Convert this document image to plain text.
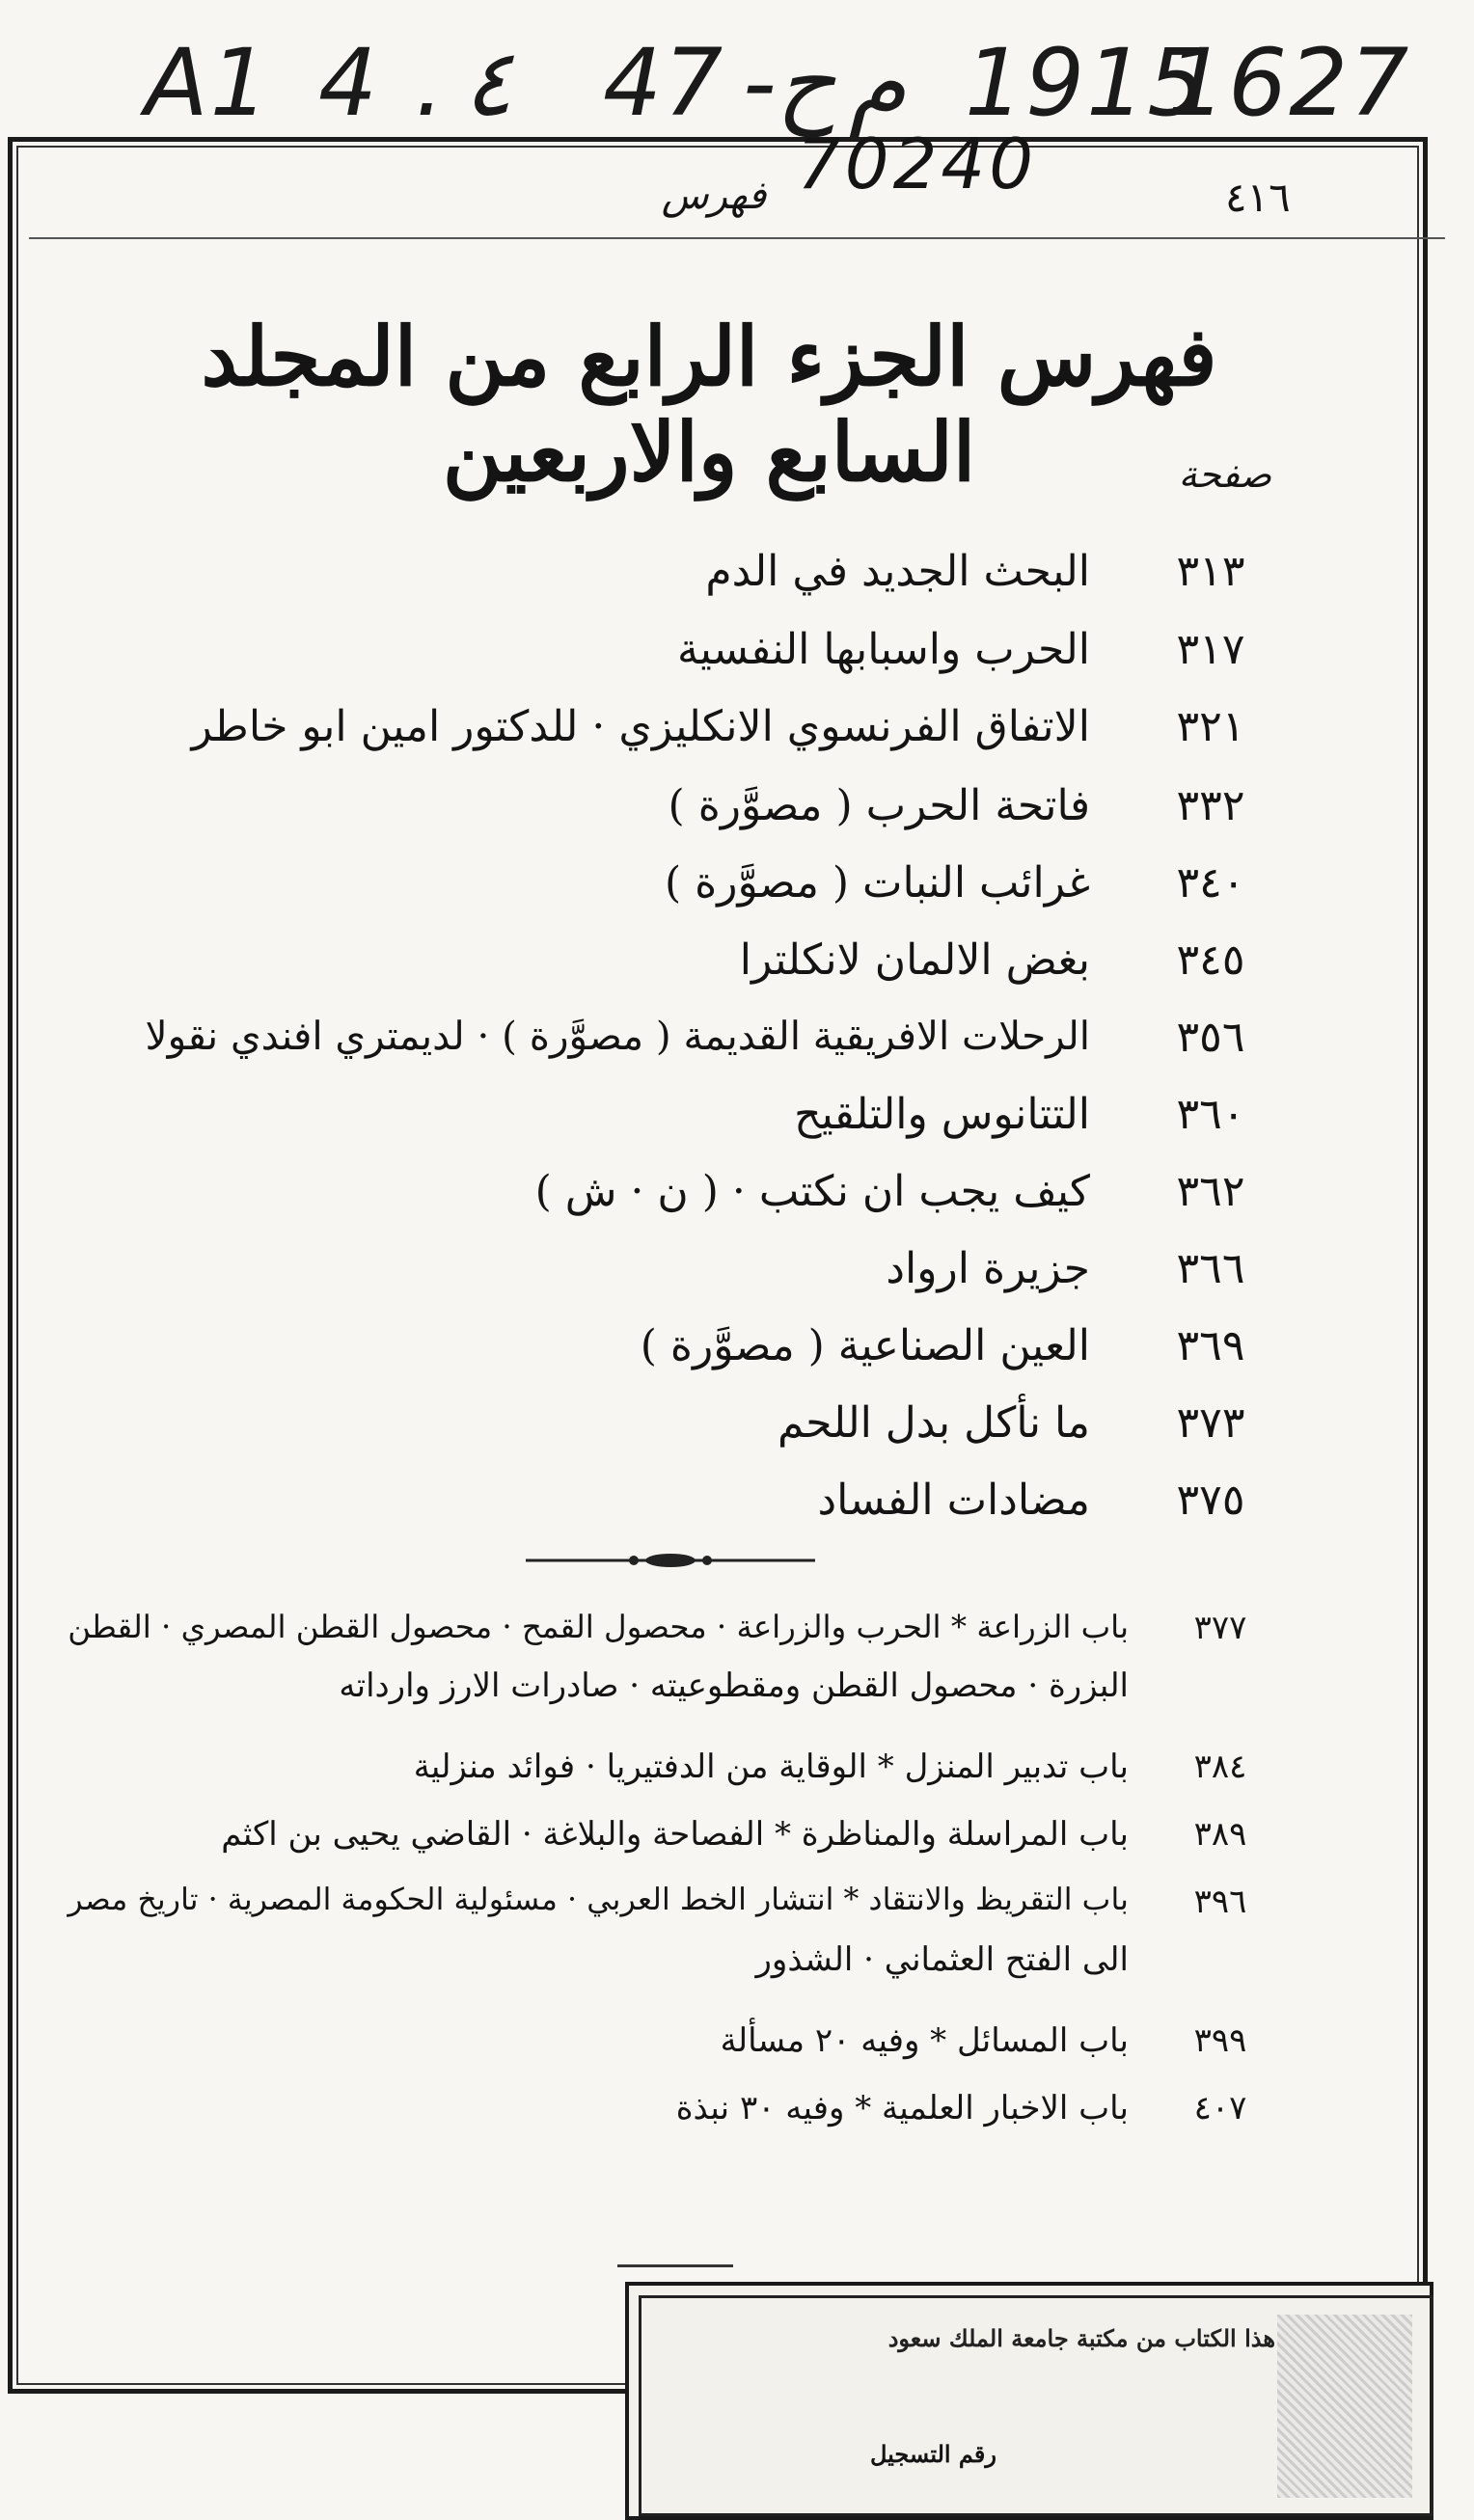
A1 4 . ٤ 47 -ح م 1915
1627
٤١٦
فهرس
فهرس الجزء الرابع من المجلد السابع والاربعين	صفحة
٣١٣
البحث الجديد في الدم
٣١٧
الحرب واسبابها النفسية
٣٢١
الاتفاق الفرنسوي الانكليزي · للدكتور امين ابو خاطر
٣٣٢
فاتحة الحرب ( مصوَّرة )
٣٤٠
غرائب النبات ( مصوَّرة )
٣٤٥
بغض الالمان لانكلترا
٣٥٦
الرحلات الافريقية القديمة ( مصوَّرة ) · لديمتري افندي نقولا
٣٦٠
التتانوس والتلقيح
٣٦٢
كيف يجب ان نكتب · ( ن · ش )
٣٦٦
جزيرة ارواد
٣٦٩
العين الصناعية ( مصوَّرة )
٣٧٣
ما نأكل بدل اللحم
٣٧٥
مضادات الفساد
٣٧٧
باب الزراعة * الحرب والزراعة · محصول القمح · محصول القطن المصري · القطن
البزرة · محصول القطن ومقطوعيته · صادرات الارز وارداته
٣٨٤
باب تدبير المنزل * الوقاية من الدفتيريا · فوائد منزلية
٣٨٩
باب المراسلة والمناظرة * الفصاحة والبلاغة · القاضي يحيى بن اكثم
٣٩٦
باب التقريظ والانتقاد * انتشار الخط العربي · مسئولية الحكومة المصرية · تاريخ مصر
الى الفتح العثماني · الشذور
٣٩٩
باب المسائل * وفيه ٢٠ مسألة
٤٠٧
باب الاخبار العلمية * وفيه ٣٠ نبذة
هذا الكتاب من مكتبة جامعة الملك سعود
رقم التسجيل
70240
